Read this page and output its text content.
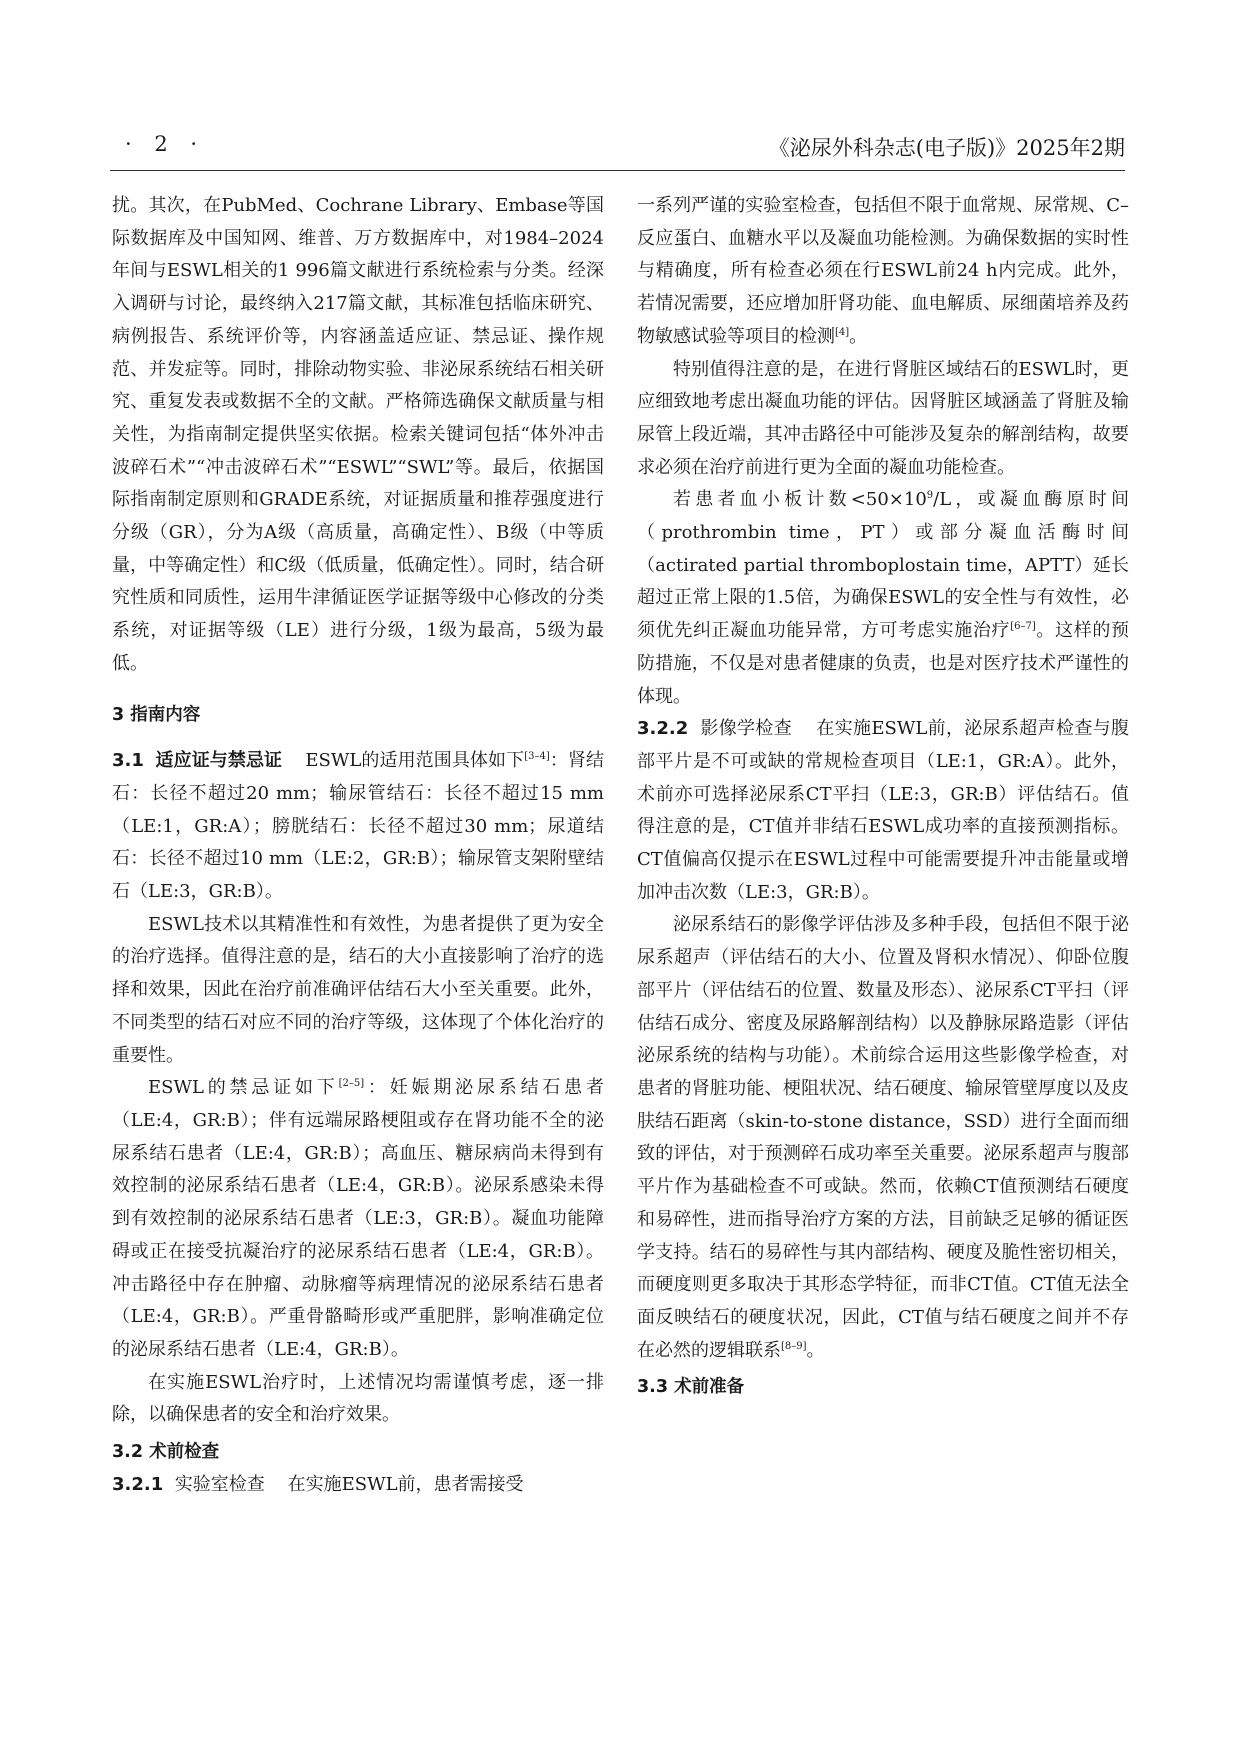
· 2 ·	《泌尿外科杂志(电子版)》2025年2期

扰。其次，在PubMed、Cochrane Library、Embase等国际数据库及中国知网、维普、万方数据库中，对1984–2024年间与ESWL相关的1 996篇文献进行系统检索与分类。经深入调研与讨论，最终纳入217篇文献，其标准包括临床研究、病例报告、系统评价等，内容涵盖适应证、禁忌证、操作规范、并发症等。同时，排除动物实验、非泌尿系统结石相关研究、重复发表或数据不全的文献。严格筛选确保文献质量与相关性，为指南制定提供坚实依据。检索关键词包括“体外冲击波碎石术”“冲击波碎石术”“ESWL”“SWL”等。最后，依据国际指南制定原则和GRADE系统，对证据质量和推荐强度进行分级（GR），分为A级（高质量，高确定性）、B级（中等质量，中等确定性）和C级（低质量，低确定性）。同时，结合研究性质和同质性，运用牛津循证医学证据等级中心修改的分类系统，对证据等级（LE）进行分级，1级为最高，5级为最低。

3 指南内容

3.1 适应证与禁忌证 ESWL的适用范围具体如下[3–4]：肾结石：长径不超过20 mm；输尿管结石：长径不超过15 mm（LE:1，GR:A）；膀胱结石：长径不超过30 mm；尿道结石：长径不超过10 mm（LE:2，GR:B）；输尿管支架附壁结石（LE:3，GR:B）。

ESWL技术以其精准性和有效性，为患者提供了更为安全的治疗选择。值得注意的是，结石的大小直接影响了治疗的选择和效果，因此在治疗前准确评估结石大小至关重要。此外，不同类型的结石对应不同的治疗等级，这体现了个体化治疗的重要性。

ESWL的禁忌证如下[2–5]：妊娠期泌尿系结石患者（LE:4，GR:B）；伴有远端尿路梗阻或存在肾功能不全的泌尿系结石患者（LE:4，GR:B）；高血压、糖尿病尚未得到有效控制的泌尿系结石患者（LE:4，GR:B）。泌尿系感染未得到有效控制的泌尿系结石患者（LE:3，GR:B）。凝血功能障碍或正在接受抗凝治疗的泌尿系结石患者（LE:4，GR:B）。冲击路径中存在肿瘤、动脉瘤等病理情况的泌尿系结石患者（LE:4，GR:B）。严重骨骼畸形或严重肥胖，影响准确定位的泌尿系结石患者（LE:4，GR:B）。

在实施ESWL治疗时，上述情况均需谨慎考虑，逐一排除，以确保患者的安全和治疗效果。

3.2 术前检查

3.2.1 实验室检查 在实施ESWL前，患者需接受

一系列严谨的实验室检查，包括但不限于血常规、尿常规、C–反应蛋白、血糖水平以及凝血功能检测。为确保数据的实时性与精确度，所有检查必须在行ESWL前24 h内完成。此外，若情况需要，还应增加肝肾功能、血电解质、尿细菌培养及药物敏感试验等项目的检测[4]。

特别值得注意的是，在进行肾脏区域结石的ESWL时，更应细致地考虑出凝血功能的评估。因肾脏区域涵盖了肾脏及输尿管上段近端，其冲击路径中可能涉及复杂的解剖结构，故要求必须在治疗前进行更为全面的凝血功能检查。

若患者血小板计数$<50\times 10^9/L$，或凝血酶原时间（prothrombin time，PT）或部分凝血活酶时间（actirated partial thromboplostain time，APTT）延长超过正常上限的1.5倍，为确保ESWL的安全性与有效性，必须优先纠正凝血功能异常，方可考虑实施治疗[6–7]。这样的预防措施，不仅是对患者健康的负责，也是对医疗技术严谨性的体现。

3.2.2 影像学检查 在实施ESWL前，泌尿系超声检查与腹部平片是不可或缺的常规检查项目（LE:1，GR:A）。此外，术前亦可选择泌尿系CT平扫（LE:3，GR:B）评估结石。值得注意的是，CT值并非结石ESWL成功率的直接预测指标。CT值偏高仅提示在ESWL过程中可能需要提升冲击能量或增加冲击次数（LE:3，GR:B）。

泌尿系结石的影像学评估涉及多种手段，包括但不限于泌尿系超声（评估结石的大小、位置及肾积水情况）、仰卧位腹部平片（评估结石的位置、数量及形态）、泌尿系CT平扫（评估结石成分、密度及尿路解剖结构）以及静脉尿路造影（评估泌尿系统的结构与功能）。术前综合运用这些影像学检查，对患者的肾脏功能、梗阻状况、结石硬度、输尿管壁厚度以及皮肤结石距离（skin-to-stone distance，SSD）进行全面而细致的评估，对于预测碎石成功率至关重要。泌尿系超声与腹部平片作为基础检查不可或缺。然而，依赖CT值预测结石硬度和易碎性，进而指导治疗方案的方法，目前缺乏足够的循证医学支持。结石的易碎性与其内部结构、硬度及脆性密切相关，而硬度则更多取决于其形态学特征，而非CT值。CT值无法全面反映结石的硬度状况，因此，CT值与结石硬度之间并不存在必然的逻辑联系[8–9]。

3.3 术前准备
